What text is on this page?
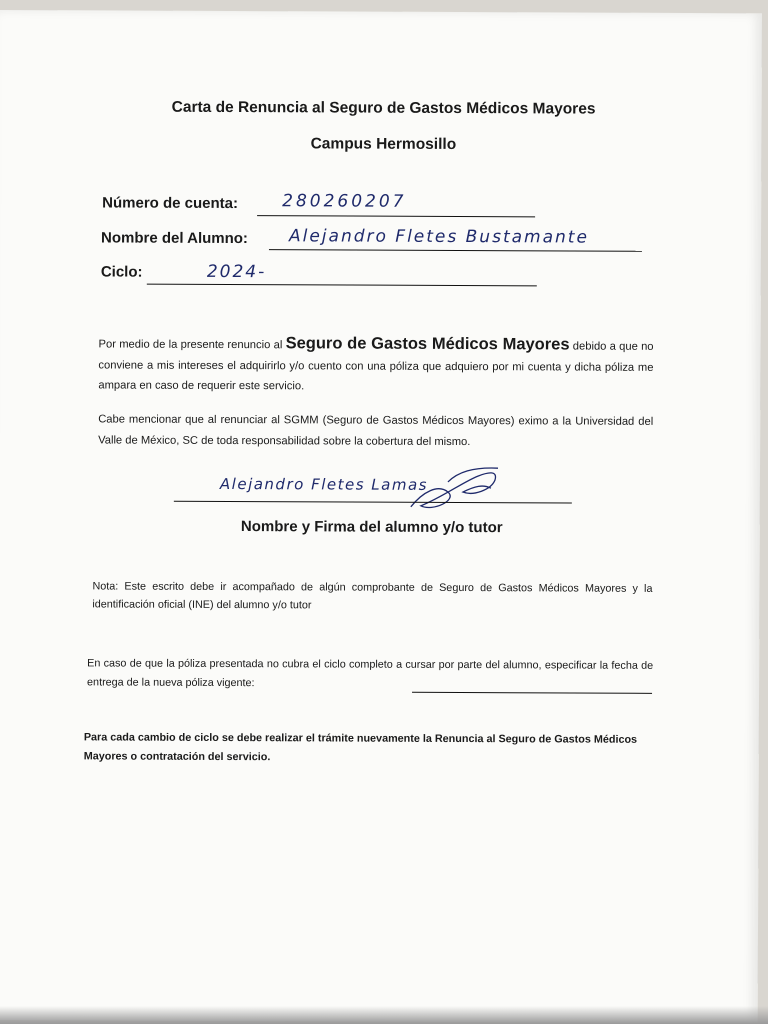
Carta de Renuncia al Seguro de Gastos Médicos Mayores
Campus Hermosillo
Número de cuenta:	280260207
Nombre del Alumno: Alejandro Fletes Bustamante
Ciclo:	2024-
Por medio de la presente renuncio al Seguro de Gastos Médicos Mayores debido a que no conviene a mis intereses el adquirirlo y/o cuento con una póliza que adquiero por mi cuenta y dicha póliza me ampara en caso de requerir este servicio.
Cabe mencionar que al renunciar al SGMM (Seguro de Gastos Médicos Mayores) eximo a la Universidad del Valle de México, SC de toda responsabilidad sobre la cobertura del mismo.
Alejandro Fletes Lamas
Nombre y Firma del alumno y/o tutor
Nota: Este escrito debe ir acompañado de algún comprobante de Seguro de Gastos Médicos Mayores y la identificación oficial (INE) del alumno y/o tutor
En caso de que la póliza presentada no cubra el ciclo completo a cursar por parte del alumno, especificar la fecha de entrega de la nueva póliza vigente:
Para cada cambio de ciclo se debe realizar el trámite nuevamente la Renuncia al Seguro de Gastos Médicos Mayores o contratación del servicio.
